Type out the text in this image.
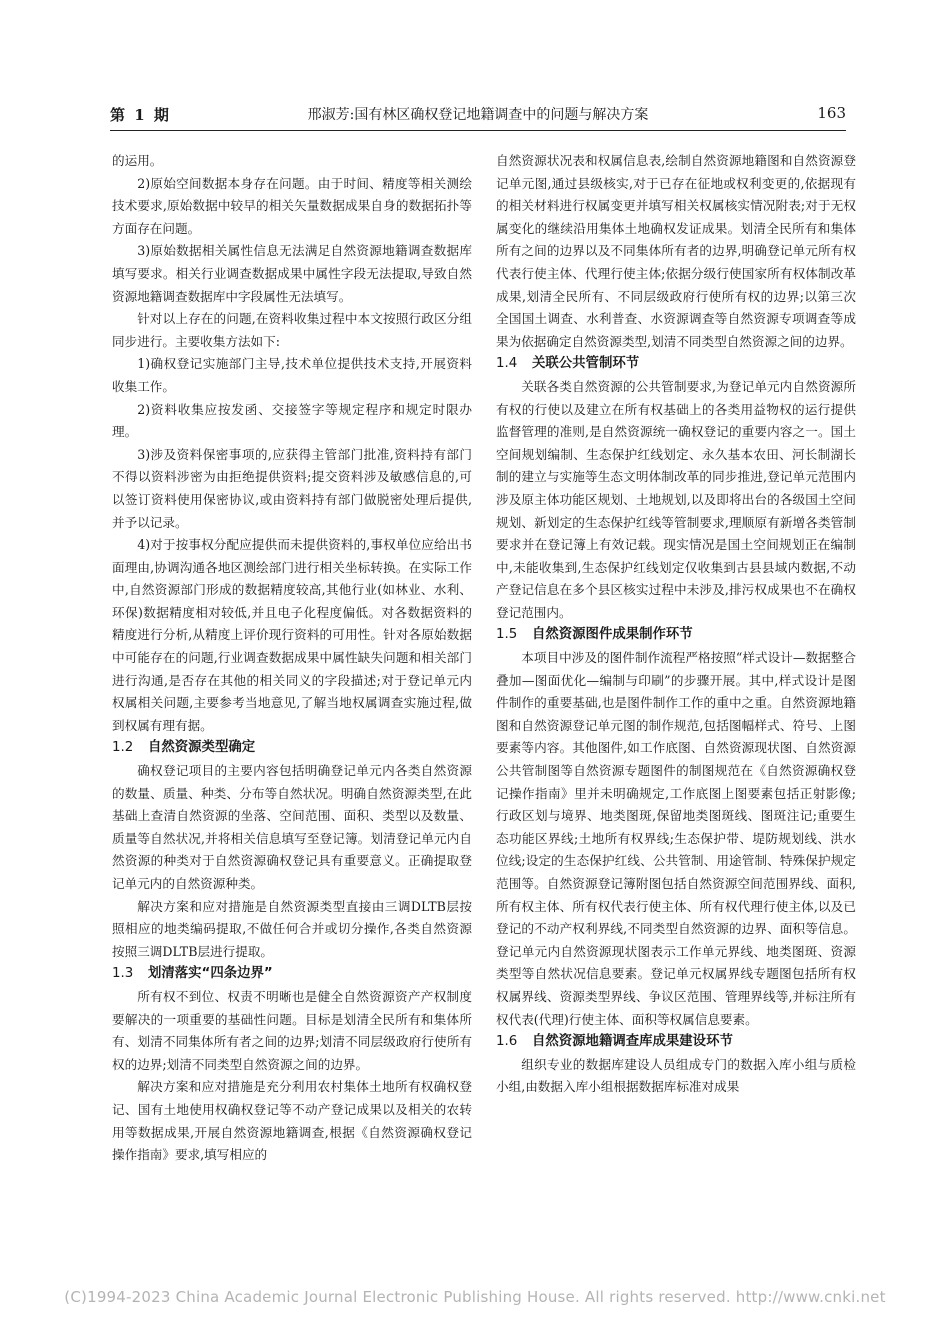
第 1 期	邢淑芳:国有林区确权登记地籍调查中的问题与解决方案	163

的运用。

2)原始空间数据本身存在问题。由于时间、精度等相关测绘技术要求,原始数据中较早的相关矢量数据成果自身的数据拓扑等方面存在问题。

3)原始数据相关属性信息无法满足自然资源地籍调查数据库填写要求。相关行业调查数据成果中属性字段无法提取,导致自然资源地籍调查数据库中字段属性无法填写。

针对以上存在的问题,在资料收集过程中本文按照行政区分组同步进行。主要收集方法如下:

1)确权登记实施部门主导,技术单位提供技术支持,开展资料收集工作。

2)资料收集应按发函、交接签字等规定程序和规定时限办理。

3)涉及资料保密事项的,应获得主管部门批准,资料持有部门不得以资料涉密为由拒绝提供资料;提交资料涉及敏感信息的,可以签订资料使用保密协议,或由资料持有部门做脱密处理后提供,并予以记录。

4)对于按事权分配应提供而未提供资料的,事权单位应给出书面理由,协调沟通各地区测绘部门进行相关坐标转换。在实际工作中,自然资源部门形成的数据精度较高,其他行业(如林业、水利、环保)数据精度相对较低,并且电子化程度偏低。对各数据资料的精度进行分析,从精度上评价现行资料的可用性。针对各原始数据中可能存在的问题,行业调查数据成果中属性缺失问题和相关部门进行沟通,是否存在其他的相关同义的字段描述;对于登记单元内权属相关问题,主要参考当地意见,了解当地权属调查实施过程,做到权属有理有据。

1.2 自然资源类型确定

确权登记项目的主要内容包括明确登记单元内各类自然资源的数量、质量、种类、分布等自然状况。明确自然资源类型,在此基础上查清自然资源的坐落、空间范围、面积、类型以及数量、质量等自然状况,并将相关信息填写至登记簿。划清登记单元内自然资源的种类对于自然资源确权登记具有重要意义。正确提取登记单元内的自然资源种类。

解决方案和应对措施是自然资源类型直接由三调DLTB层按照相应的地类编码提取,不做任何合并或切分操作,各类自然资源按照三调DLTB层进行提取。

1.3 划清落实“四条边界”

所有权不到位、权责不明晰也是健全自然资源资产产权制度要解决的一项重要的基础性问题。目标是划清全民所有和集体所有、划清不同集体所有者之间的边界;划清不同层级政府行使所有权的边界;划清不同类型自然资源之间的边界。

解决方案和应对措施是充分利用农村集体土地所有权确权登记、国有土地使用权确权登记等不动产登记成果以及相关的农转用等数据成果,开展自然资源地籍调查,根据《自然资源确权登记操作指南》要求,填写相应的

自然资源状况表和权属信息表,绘制自然资源地籍图和自然资源登记单元图,通过县级核实,对于已存在征地或权利变更的,依据现有的相关材料进行权属变更并填写相关权属核实情况附表;对于无权属变化的继续沿用集体土地确权发证成果。划清全民所有和集体所有之间的边界以及不同集体所有者的边界,明确登记单元所有权代表行使主体、代理行使主体;依据分级行使国家所有权体制改革成果,划清全民所有、不同层级政府行使所有权的边界;以第三次全国国土调查、水利普查、水资源调查等自然资源专项调查等成果为依据确定自然资源类型,划清不同类型自然资源之间的边界。

1.4 关联公共管制环节

关联各类自然资源的公共管制要求,为登记单元内自然资源所有权的行使以及建立在所有权基础上的各类用益物权的运行提供监督管理的准则,是自然资源统一确权登记的重要内容之一。国土空间规划编制、生态保护红线划定、永久基本农田、河长制湖长制的建立与实施等生态文明体制改革的同步推进,登记单元范围内涉及原主体功能区规划、土地规划,以及即将出台的各级国土空间规划、新划定的生态保护红线等管制要求,理顺原有新增各类管制要求并在登记簿上有效记载。现实情况是国土空间规划正在编制中,未能收集到,生态保护红线划定仅收集到古县县域内数据,不动产登记信息在多个县区核实过程中未涉及,排污权成果也不在确权登记范围内。

1.5 自然资源图件成果制作环节

本项目中涉及的图件制作流程严格按照“样式设计—数据整合叠加—图面优化—编制与印刷”的步骤开展。其中,样式设计是图件制作的重要基础,也是图件制作工作的重中之重。自然资源地籍图和自然资源登记单元图的制作规范,包括图幅样式、符号、上图要素等内容。其他图件,如工作底图、自然资源现状图、自然资源公共管制图等自然资源专题图件的制图规范在《自然资源确权登记操作指南》里并未明确规定,工作底图上图要素包括正射影像;行政区划与境界、地类图斑,保留地类图斑线、图斑注记;重要生态功能区界线;土地所有权界线;生态保护带、堤防规划线、洪水位线;设定的生态保护红线、公共管制、用途管制、特殊保护规定范围等。自然资源登记簿附图包括自然资源空间范围界线、面积,所有权主体、所有权代表行使主体、所有权代理行使主体,以及已登记的不动产权利界线,不同类型自然资源的边界、面积等信息。登记单元内自然资源现状图表示工作单元界线、地类图斑、资源类型等自然状况信息要素。登记单元权属界线专题图包括所有权权属界线、资源类型界线、争议区范围、管理界线等,并标注所有权代表(代理)行使主体、面积等权属信息要素。

1.6 自然资源地籍调查库成果建设环节

组织专业的数据库建设人员组成专门的数据入库小组与质检小组,由数据入库小组根据数据库标准对成果

(C)1994-2023 China Academic Journal Electronic Publishing House. All rights reserved. http://www.cnki.net
